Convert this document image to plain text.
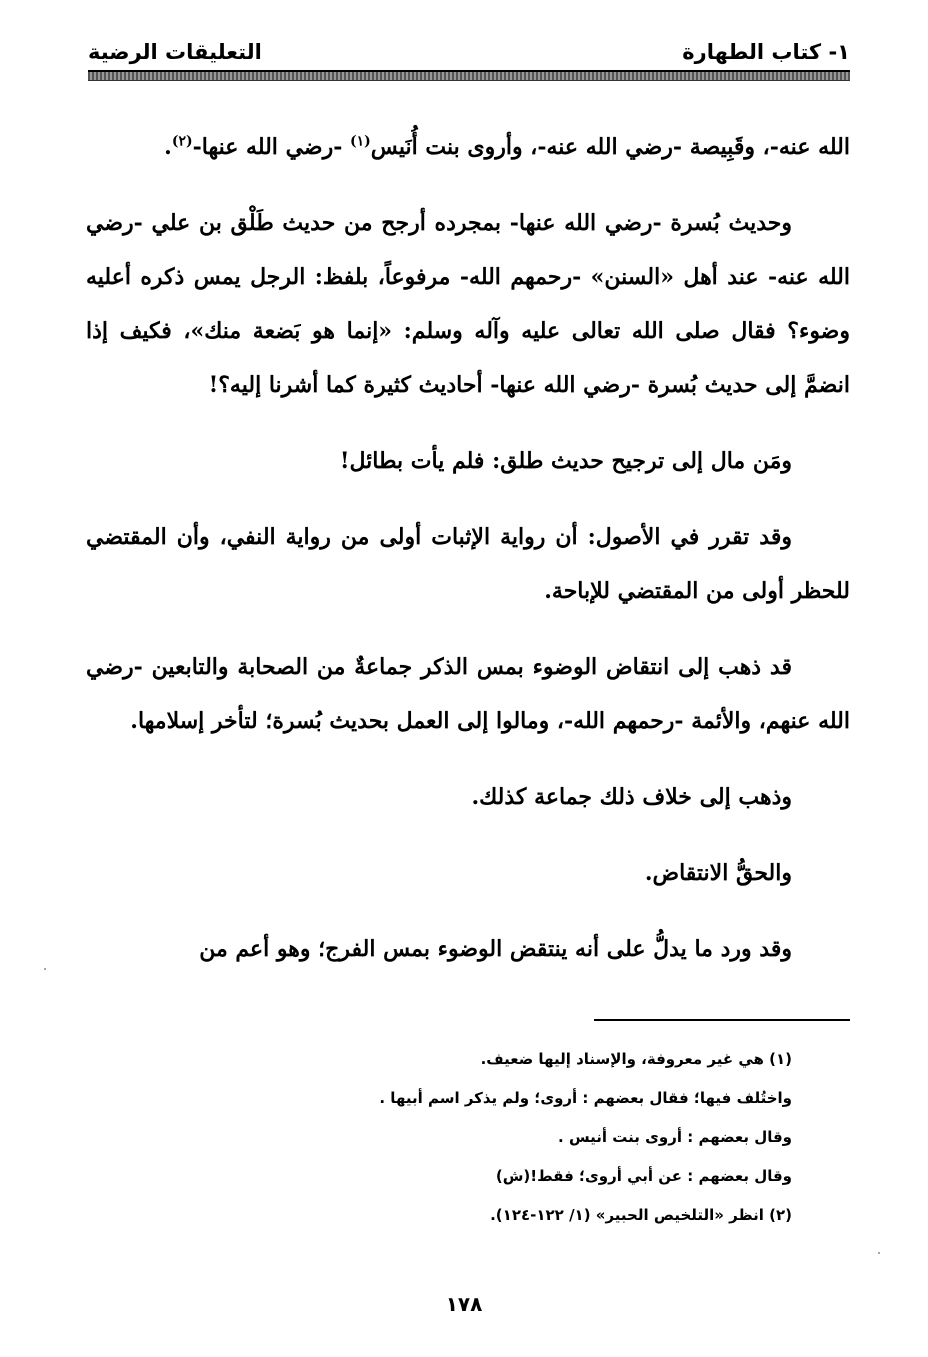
١- كتاب الطهارة
التعليقات الرضية

الله عنه-، وقَبِيصة -رضي الله عنه-، وأروى بنت أُنَيس$^{(١)}$ -رضي الله عنها-$^{(٢)}$.

وحديث بُسرة -رضي الله عنها- بمجرده أرجح من حديث طَلْق بن علي -رضي الله عنه- عند أهل «السنن» -رحمهم الله- مرفوعاً، بلفظ: الرجل يمس ذكره أعليه وضوء؟ فقال صلى الله تعالى عليه وآله وسلم: «إنما هو بَضعة منك»، فكيف إذا انضمَّ إلى حديث بُسرة -رضي الله عنها- أحاديث كثيرة كما أشرنا إليه؟!

ومَن مال إلى ترجيح حديث طلق: فلم يأت بطائل!

وقد تقرر في الأصول: أن رواية الإثبات أولى من رواية النفي، وأن المقتضي للحظر أولى من المقتضي للإباحة.

قد ذهب إلى انتقاض الوضوء بمس الذكر جماعةٌ من الصحابة والتابعين -رضي الله عنهم، والأئمة -رحمهم الله-، ومالوا إلى العمل بحديث بُسرة؛ لتأخر إسلامها.

وذهب إلى خلاف ذلك جماعة كذلك.

والحقُّ الانتقاض.

وقد ورد ما يدلُّ على أنه ينتقض الوضوء بمس الفرج؛ وهو أعم من

(١) هي غير معروفة، والإسناد إليها ضعيف.
واختُلف فيها؛ فقال بعضهم : أروى؛ ولم يذكر اسم أبيها .
وقال بعضهم : أروى بنت أنيس .
وقال بعضهم : عن أبي أروى؛ فقط!(ش)
(٢) انظر «التلخيص الحبير» (١/ ١٢٢-١٢٤).
١٧٨
